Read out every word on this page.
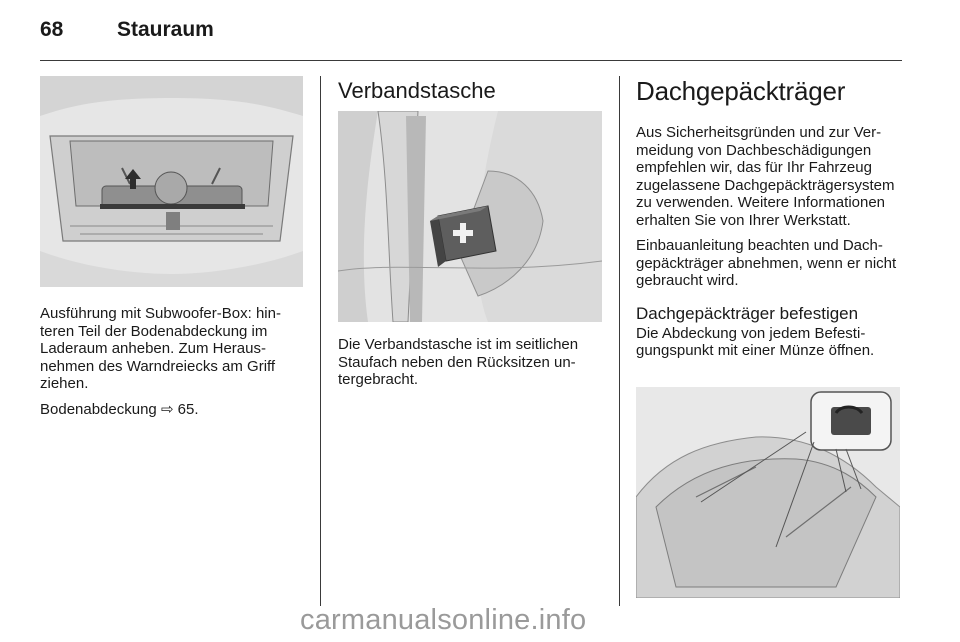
68	Stauraum

Ausführung mit Subwoofer-Box: hinteren Teil der Bodenabdeckung im Laderaum anheben. Zum Herausnehmen des Warndreiecks am Griff ziehen.

Bodenabdeckung ⇨ 65.

Verbandstasche

Die Verbandstasche ist im seitlichen Staufach neben den Rücksitzen untergebracht.

Dachgepäckträger

Aus Sicherheitsgründen und zur Vermeidung von Dachbeschädigungen empfehlen wir, das für Ihr Fahrzeug zugelassene Dachgepäckträgersystem zu verwenden. Weitere Informationen erhalten Sie von Ihrer Werkstatt.

Einbauanleitung beachten und Dachgepäckträger abnehmen, wenn er nicht gebraucht wird.

Dachgepäckträger befestigen

Die Abdeckung von jedem Befestigungspunkt mit einer Münze öffnen.

carmanualsonline.info
